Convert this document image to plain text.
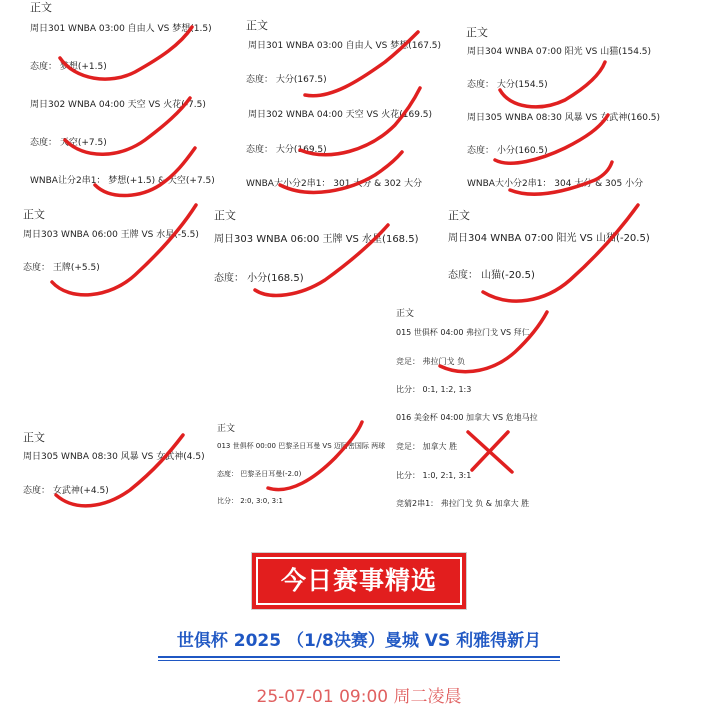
正文
周日301 WNBA 03:00 自由人 VS 梦想(1.5)
态度： 梦想(+1.5)
周日302 WNBA 04:00 天空 VS 火花(-7.5)
态度： 天空(+7.5)
WNBA让分2串1： 梦想(+1.5) & 天空(+7.5)
正文
周日301 WNBA 03:00 自由人 VS 梦想(167.5)
态度： 大分(167.5)
周日302 WNBA 04:00 天空 VS 火花(169.5)
态度： 大分(169.5)
WNBA大小分2串1： 301 大分 & 302 大分
正文
周日304 WNBA 07:00 阳光 VS 山猫(154.5)
态度： 大分(154.5)
周日305 WNBA 08:30 风暴 VS 女武神(160.5)
态度： 小分(160.5)
WNBA大小分2串1： 304 大分 & 305 小分
正文
周日303 WNBA 06:00 王牌 VS 水星(-5.5)
态度： 王牌(+5.5)
正文
周日303 WNBA 06:00 王牌 VS 水星(168.5)
态度： 小分(168.5)
正文
周日304 WNBA 07:00 阳光 VS 山猫(-20.5)
态度： 山猫(-20.5)
正文
015 世俱杯 04:00 弗拉门戈 VS 拜仁
竞足： 弗拉门戈 负
比分： 0:1, 1:2, 1:3
016 美金杯 04:00 加拿大 VS 危地马拉
竞足： 加拿大 胜
比分： 1:0, 2:1, 3:1
竞猜2串1： 弗拉门戈 负 & 加拿大 胜
正文
周日305 WNBA 08:30 风暴 VS 女武神(4.5)
态度： 女武神(+4.5)
正文
013 世俱杯 00:00 巴黎圣日耳曼 VS 迈阿密国际 两球
态度： 巴黎圣日耳曼(-2.0)
比分： 2:0, 3:0, 3:1
今日赛事精选
世俱杯 2025 （1/8决赛）曼城 VS 利雅得新月
25-07-01 09:00 周二凌晨
